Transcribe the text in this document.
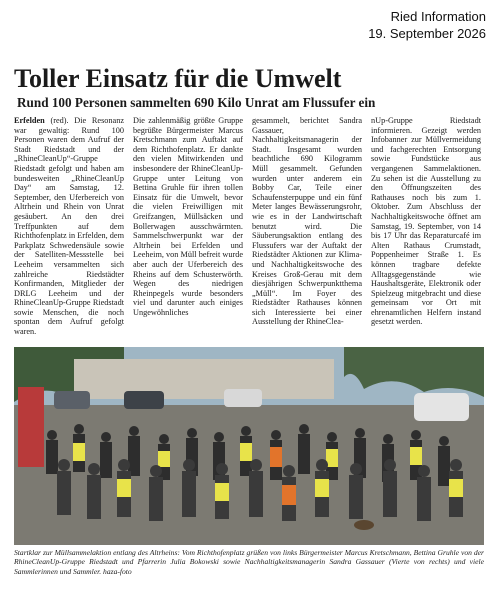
Ried Information
19. September 2026
Toller Einsatz für die Umwelt
Rund 100 Personen sammelten 690 Kilo Unrat am Flussufer ein

Erfelden (red). Die Resonanz war gewaltig: Rund 100 Personen waren dem Aufruf der Stadt Riedstadt und der „RhineCleanUp“-Gruppe Riedstadt gefolgt und haben am bundesweiten „RhineCleanUp Day“ am Samstag, 12. September, den Uferbereich von Altrhein und Rhein von Unrat gesäubert. An den drei Treffpunkten auf dem Richthofenplatz in Erfelden, dem Parkplatz Schwedensäule sowie der Satelliten-Messstelle bei Leeheim versammelten sich zahlreiche Riedstädter Konfirmanden, Mitglieder der DRLG Leeheim und der RhineCleanUp-Gruppe Riedstadt sowie Menschen, die noch spontan dem Aufruf gefolgt waren.

Die zahlenmäßig größte Gruppe begrüßte Bürgermeister Marcus Kretschmann zum Auftakt auf dem Richthofenplatz. Er dankte den vielen Mitwirkenden und insbesondere der RhineCleanUp-Gruppe unter Leitung von Bettina Gruhle für ihren tollen Einsatz für die Umwelt, bevor die vielen Freiwilligen mit Greifzangen, Müllsäcken und Bollerwagen ausschwärmten. Sammelschwerpunkt war der Altrhein bei Erfelden und Leeheim, von Müll befreit wurde aber auch der Uferbereich des Rheins auf dem Schusterwörth. Wegen des niedrigen Rheinpegels wurde besonders viel und darunter auch einiges Ungewöhnliches

gesammelt, berichtet Sandra Gassauer, Nachhaltigkeitsmanagerin der Stadt. Insgesamt wurden beachtliche 690 Kilogramm Müll gesammelt. Gefunden wurden unter anderem ein Bobby Car, Teile einer Schaufensterpuppe und ein fünf Meter langes Bewässerungsrohr, wie es in der Landwirtschaft benutzt wird. Die Säuberungsaktion entlang des Flussufers war der Auftakt der Riedstädter Aktionen zur Klima- und Nachhaltigkeitswoche des Kreises Groß-Gerau mit dem diesjährigen Schwerpunktthema „Müll“. Im Foyer des Riedstädter Rathauses können sich Interessierte bei einer Ausstellung der RhineClea-

nUp-Gruppe Riedstadt informieren. Gezeigt werden Infobanner zur Müllvermeidung und fachgerechten Entsorgung sowie Fundstücke aus vergangenen Sammelaktionen. Zu sehen ist die Ausstellung zu den Öffnungszeiten des Rathauses noch bis zum 1. Oktober. Zum Abschluss der Nachhaltigkeitswoche öffnet am Samstag, 19. September, von 14 bis 17 Uhr das Reparaturcafé im Alten Rathaus Crumstadt, Poppenheimer Straße 1. Es können tragbare defekte Alltagsgegenstände wie Haushaltsgeräte, Elektronik oder Spielzeug mitgebracht und diese gemeinsam vor Ort mit ehrenamtlichen Helfern instand gesetzt werden.

Startklar zur Müllsammelaktion entlang des Altrheins: Vom Richthofenplatz grüßen von links Bürgermeister Marcus Kretschmann, Bettina Gruhle von der RhineCleanUp-Gruppe Riedstadt und Pfarrerin Julia Bokowski sowie Nachhaltigkeitsmanagerin Sandra Gassauer (Vierte von rechts) und viele Sammlerinnen und Sammler. haza-foto
